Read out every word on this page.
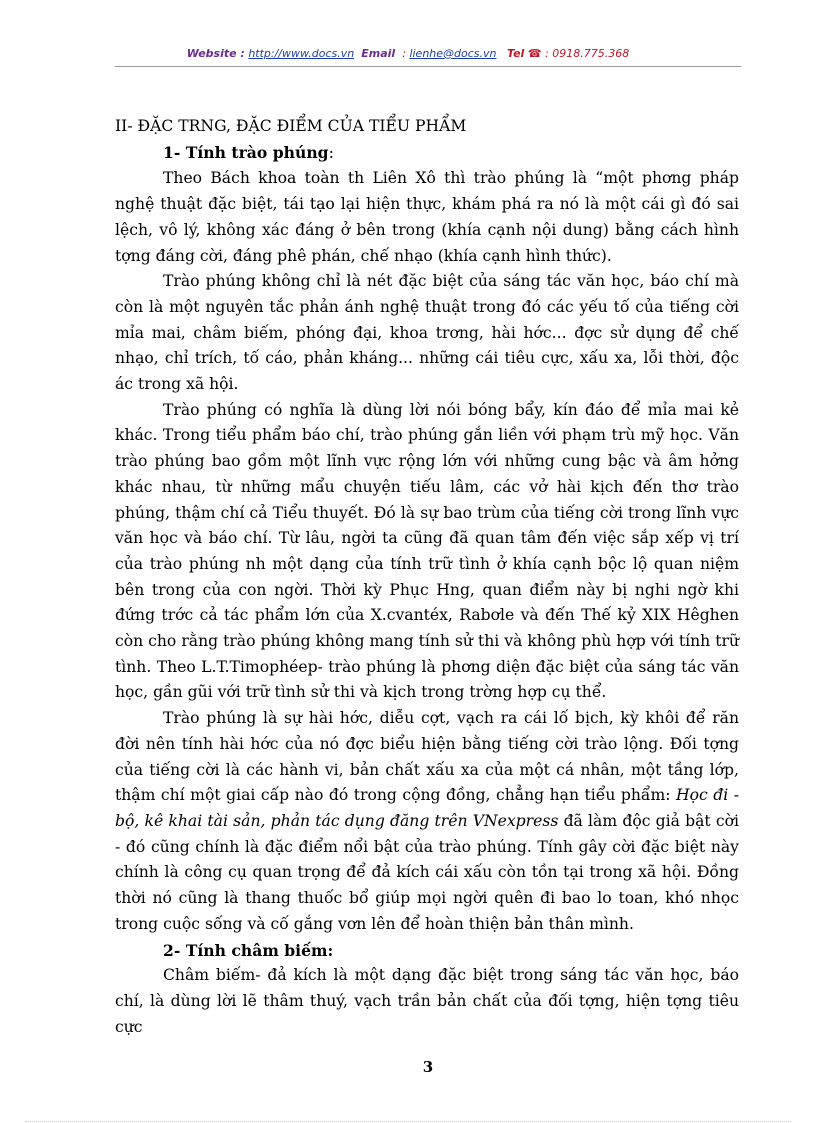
Website : http://www.docs.vn Email : lienhe@docs.vn Tel ☎ : 0918.775.368

II- ĐẶC TRNG, ĐẶC ĐIỂM CỦA TIỂU PHẨM

1- Tính trào phúng:

Theo Bách khoa toàn th Liên Xô thì trào phúng là “một phơng pháp nghệ thuật đặc biệt, tái tạo lại hiện thực, khám phá ra nó là một cái gì đó sai lệch, vô lý, không xác đáng ở bên trong (khía cạnh nội dung) bằng cách hình tợng đáng cời, đáng phê phán, chế nhạo (khía cạnh hình thức).

Trào phúng không chỉ là nét đặc biệt của sáng tác văn học, báo chí mà còn là một nguyên tắc phản ánh nghệ thuật trong đó các yếu tố của tiếng cời mỉa mai, châm biếm, phóng đại, khoa trơng, hài hớc... đợc sử dụng để chế nhạo, chỉ trích, tố cáo, phản kháng... những cái tiêu cực, xấu xa, lỗi thời, độc ác trong xã hội.

Trào phúng có nghĩa là dùng lời nói bóng bẩy, kín đáo để mỉa mai kẻ khác. Trong tiểu phẩm báo chí, trào phúng gắn liền với phạm trù mỹ học. Văn trào phúng bao gồm một lĩnh vực rộng lớn với những cung bậc và âm hởng khác nhau, từ những mẩu chuyện tiếu lâm, các vở hài kịch đến thơ trào phúng, thậm chí cả Tiểu thuyết. Đó là sự bao trùm của tiếng cời trong lĩnh vực văn học và báo chí. Từ lâu, ngời ta cũng đã quan tâm đến việc sắp xếp vị trí của trào phúng nh một dạng của tính trữ tình ở khía cạnh bộc lộ quan niệm bên trong của con ngời. Thời kỳ Phục Hng, quan điểm này bị nghi ngờ khi đứng trớc cả tác phẩm lớn của X.cvantéx, Rabơle và đến Thế kỷ XIX Hêghen còn cho rằng trào phúng không mang tính sử thi và không phù hợp với tính trữ tình. Theo L.T.Timophéep- trào phúng là phơng diện đặc biệt của sáng tác văn học, gần gũi với trữ tình sử thi và kịch trong trờng hợp cụ thể.

Trào phúng là sự hài hớc, diễu cợt, vạch ra cái lố bịch, kỳ khôi để răn đời nên tính hài hớc của nó đợc biểu hiện bằng tiếng cời trào lộng. Đối tợng của tiếng cời là các hành vi, bản chất xấu xa của một cá nhân, một tầng lớp, thậm chí một giai cấp nào đó trong cộng đồng, chẳng hạn tiểu phẩm: Học đi - bộ, kê khai tài sản, phản tác dụng đăng trên VNexpress đã làm độc giả bật cời - đó cũng chính là đặc điểm nổi bật của trào phúng. Tính gây cời đặc biệt này chính là công cụ quan trọng để đả kích cái xấu còn tồn tại trong xã hội. Đồng thời nó cũng là thang thuốc bổ giúp mọi ngời quên đi bao lo toan, khó nhọc trong cuộc sống và cố gắng vơn lên để hoàn thiện bản thân mình.

2- Tính châm biếm:

Châm biếm- đả kích là một dạng đặc biệt trong sáng tác văn học, báo chí, là dùng lời lẽ thâm thuý, vạch trần bản chất của đối tợng, hiện tợng tiêu cực

3
